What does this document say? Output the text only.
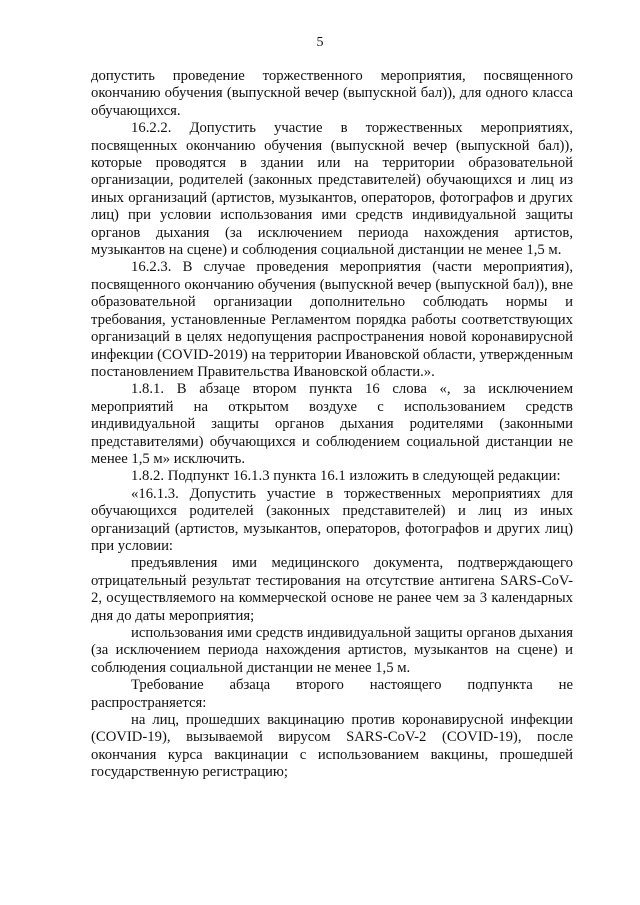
5

допустить проведение торжественного мероприятия, посвященного окончанию обучения (выпускной вечер (выпускной бал)), для одного класса обучающихся.

16.2.2. Допустить участие в торжественных мероприятиях, посвященных окончанию обучения (выпускной вечер (выпускной бал)), которые проводятся в здании или на территории образовательной организации, родителей (законных представителей) обучающихся и лиц из иных организаций (артистов, музыкантов, операторов, фотографов и других лиц) при условии использования ими средств индивидуальной защиты органов дыхания (за исключением периода нахождения артистов, музыкантов на сцене) и соблюдения социальной дистанции не менее 1,5 м.

16.2.3. В случае проведения мероприятия (части мероприятия), посвященного окончанию обучения (выпускной вечер (выпускной бал)), вне образовательной организации дополнительно соблюдать нормы и требования, установленные Регламентом порядка работы соответствующих организаций в целях недопущения распространения новой коронавирусной инфекции (COVID-2019) на территории Ивановской области, утвержденным постановлением Правительства Ивановской области.».

1.8.1. В абзаце втором пункта 16 слова «, за исключением мероприятий на открытом воздухе с использованием средств индивидуальной защиты органов дыхания родителями (законными представителями) обучающихся и соблюдением социальной дистанции не менее 1,5 м» исключить.

1.8.2. Подпункт 16.1.3 пункта 16.1 изложить в следующей редакции:

«16.1.3. Допустить участие в торжественных мероприятиях для обучающихся родителей (законных представителей) и лиц из иных организаций (артистов, музыкантов, операторов, фотографов и других лиц) при условии:

предъявления ими медицинского документа, подтверждающего отрицательный результат тестирования на отсутствие антигена SARS-CoV-2, осуществляемого на коммерческой основе не ранее чем за 3 календарных дня до даты мероприятия;

использования ими средств индивидуальной защиты органов дыхания (за исключением периода нахождения артистов, музыкантов на сцене) и соблюдения социальной дистанции не менее 1,5 м.

Требование абзаца второго настоящего подпункта не распространяется:

на лиц, прошедших вакцинацию против коронавирусной инфекции (COVID-19), вызываемой вирусом SARS-CoV-2 (COVID-19), после окончания курса вакцинации с использованием вакцины, прошедшей государственную регистрацию;
